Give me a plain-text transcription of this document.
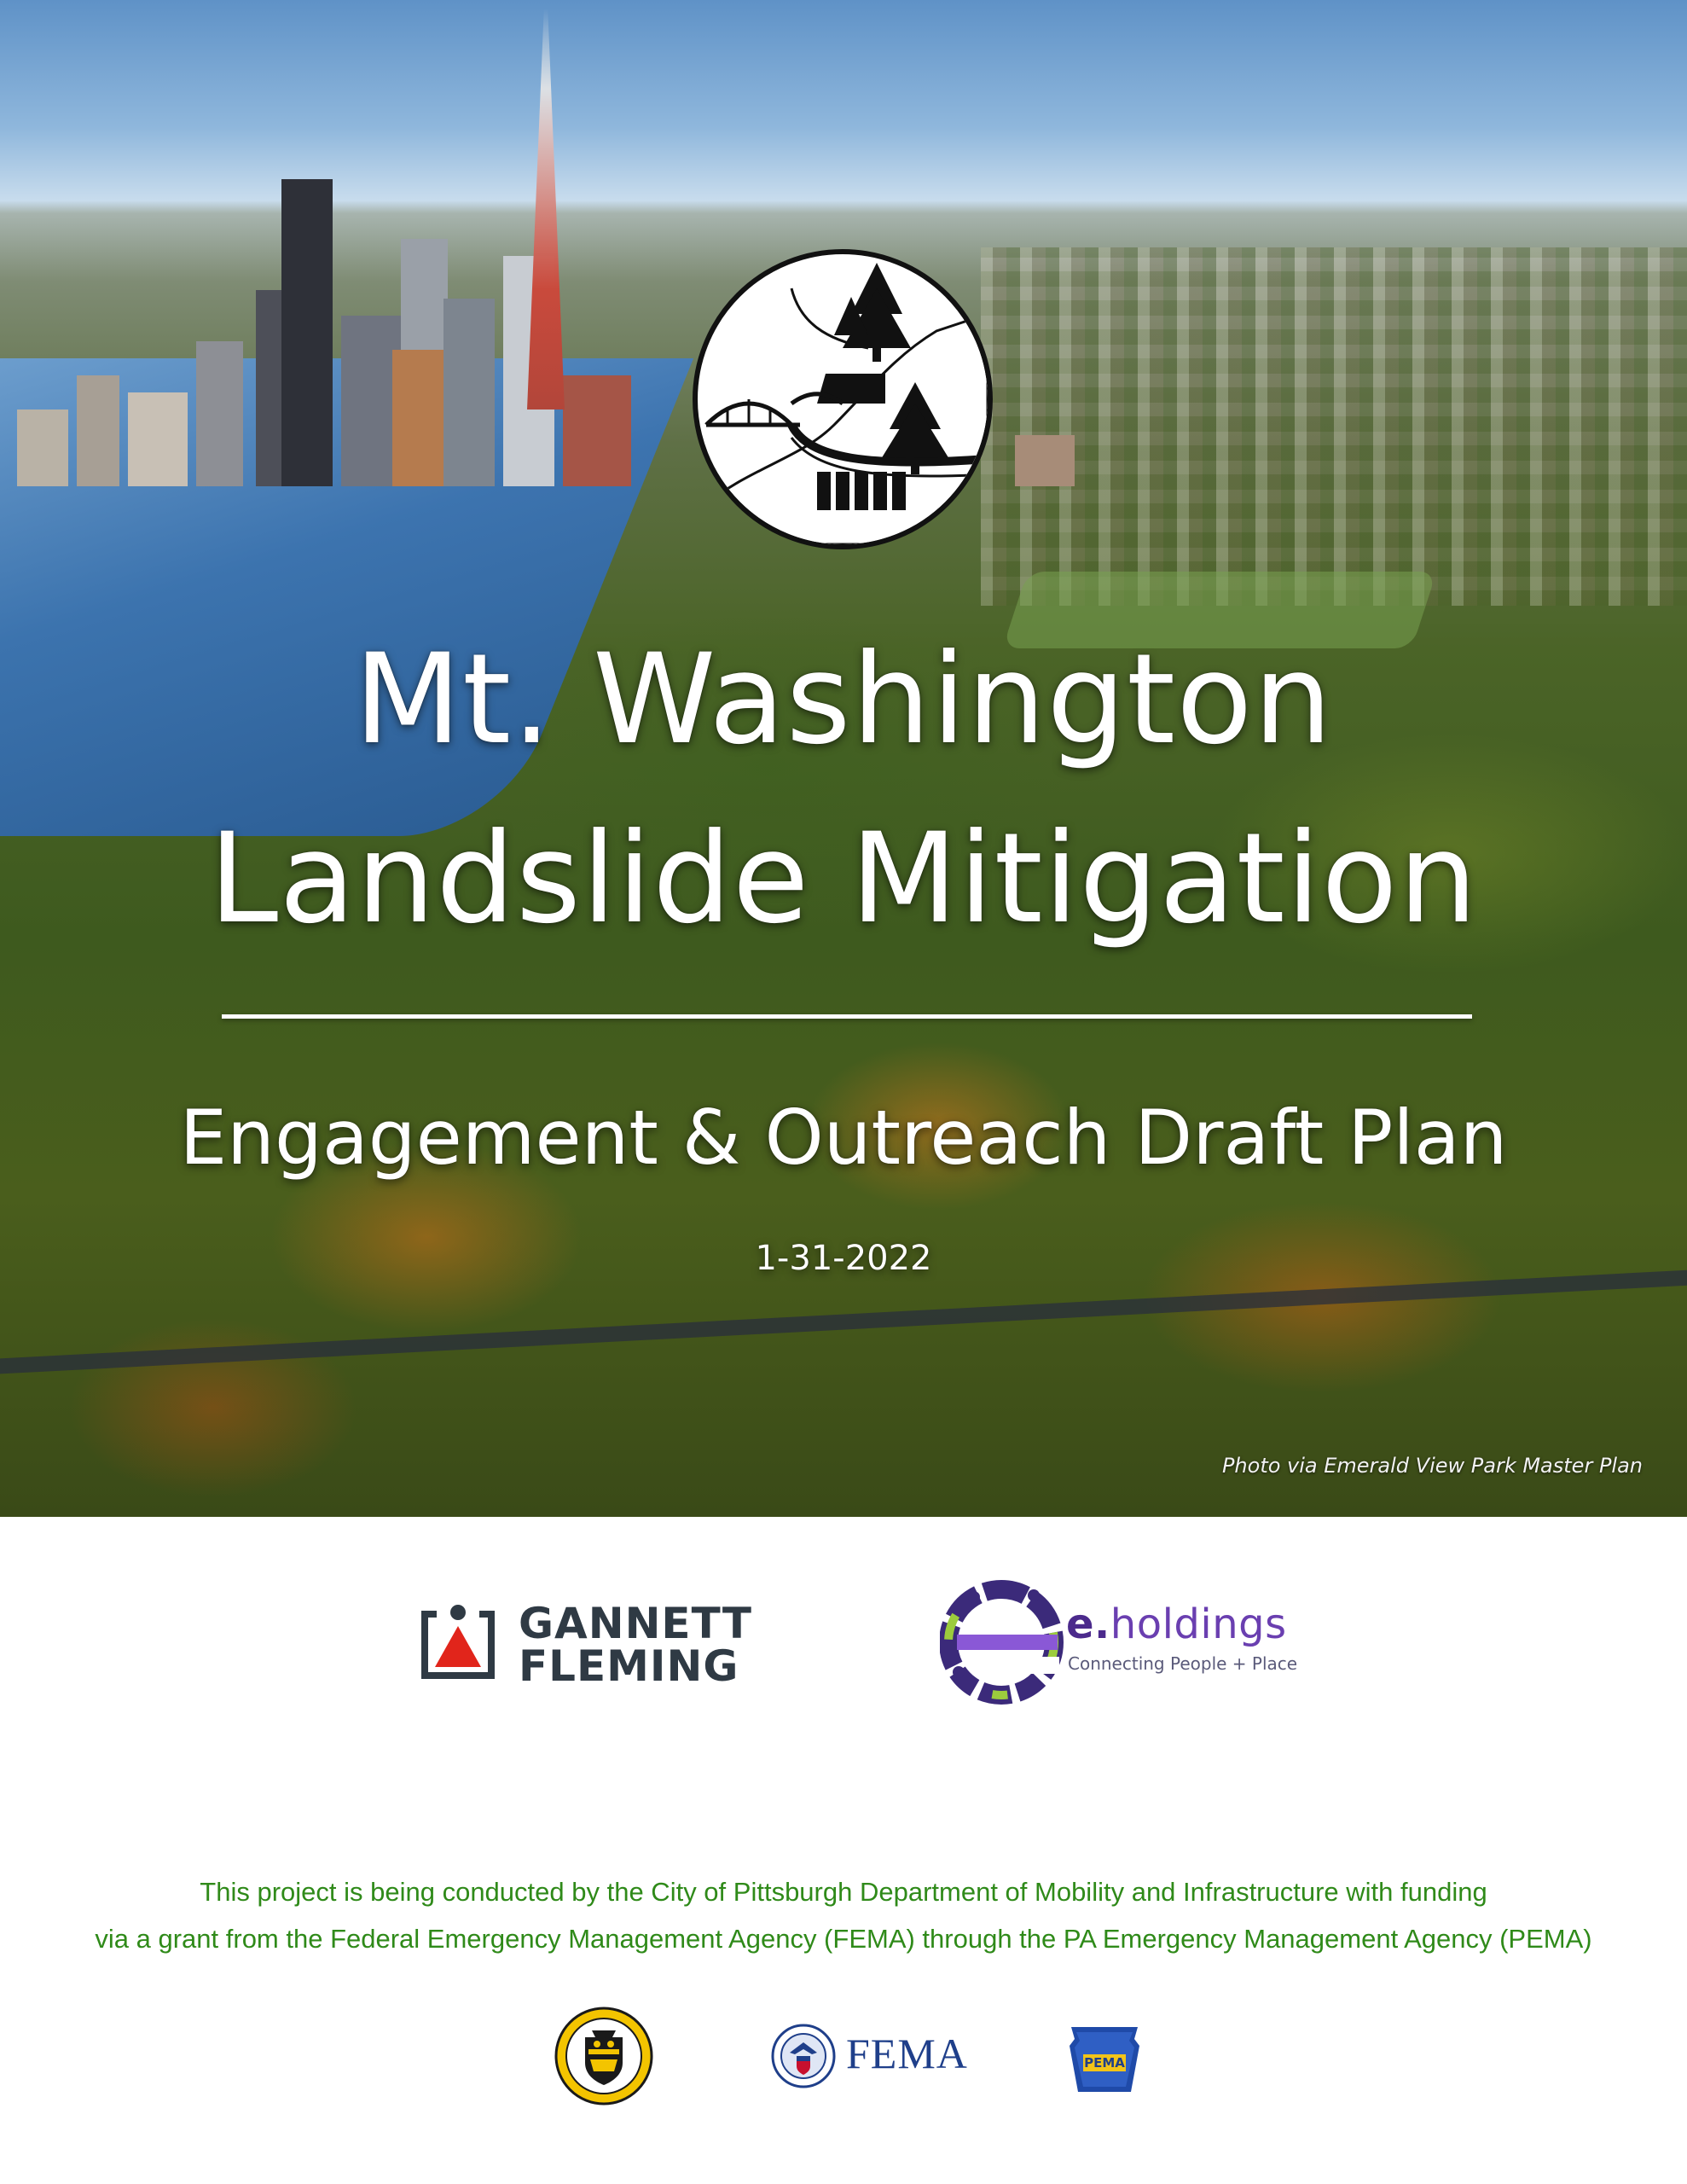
Mt. Washington
Landslide Mitigation
Engagement & Outreach Draft Plan
1-31-2022
Photo via Emerald View Park Master Plan
GANNETT
FLEMING
e.holdings
Connecting People + Place
This project is being conducted by the City of Pittsburgh Department of Mobility and Infrastructure with funding
via a grant from the Federal Emergency Management Agency (FEMA) through the PA Emergency Management Agency (PEMA)
FEMA	PEMA
